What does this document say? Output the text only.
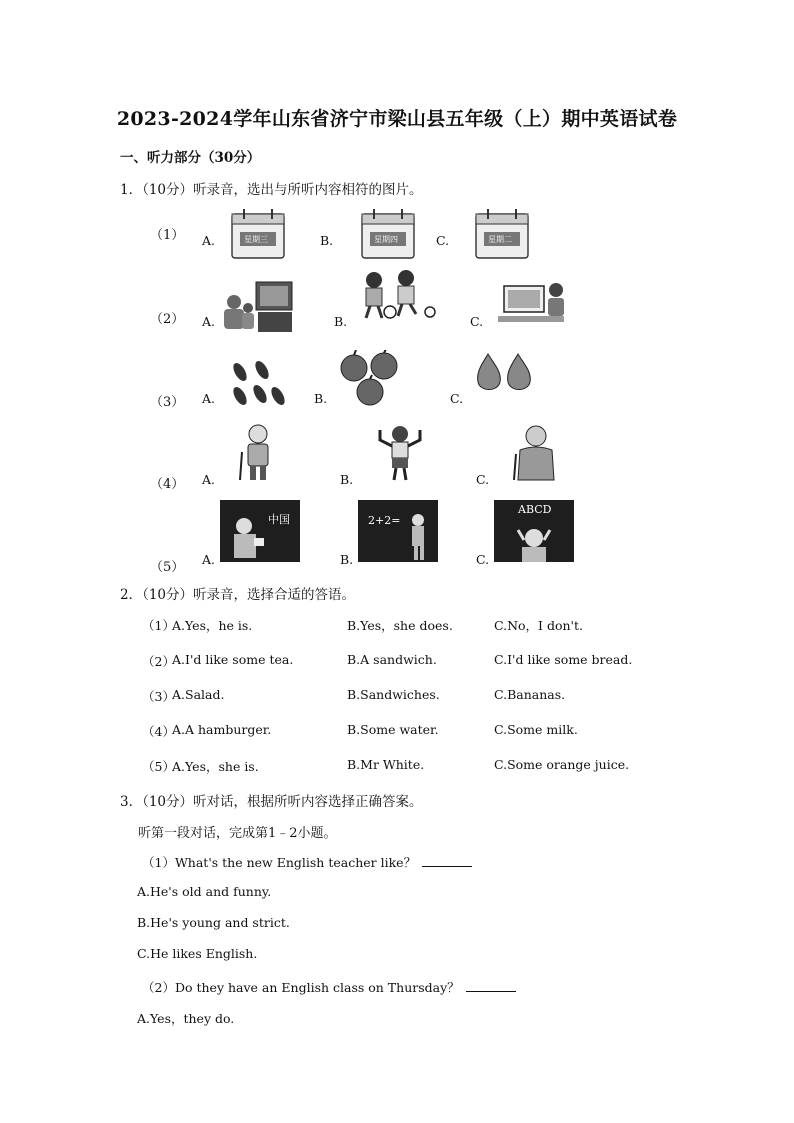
2023-2024学年山东省济宁市梁山县五年级（上）期中英语试卷
一、听力部分（30分）
1．（10分）听录音，选出与所听内容相符的图片。
（1） A.	B.	C.
星期三	星期四	星期二
（2） A.	B.	C.
（3） A.	B.	C.
（4） A.	B.	C.
（5）
A.	B.	C.
中国	2+2=
ABCD
2．（10分）听录音，选择合适的答语。
（1）
A.Yes，he is.	B.Yes，she does.	C.No，I don't.
（2）
A.I'd like some tea.	B.A sandwich.	C.I'd like some bread.
（3）
A.Salad.	B.Sandwiches.	C.Bananas.
（4）
A.A hamburger.	B.Some water.	C.Some milk.
（5）
A.Yes，she is.	B.Mr White.	C.Some orange juice.
3．（10分）听对话，根据所听内容选择正确答案。
听第一段对话，完成第1﹣2小题。
（1）What's the new English teacher like？
A.He's old and funny.
B.He's young and strict.
C.He likes English.
（2）Do they have an English class on Thursday？
A.Yes，they do.
